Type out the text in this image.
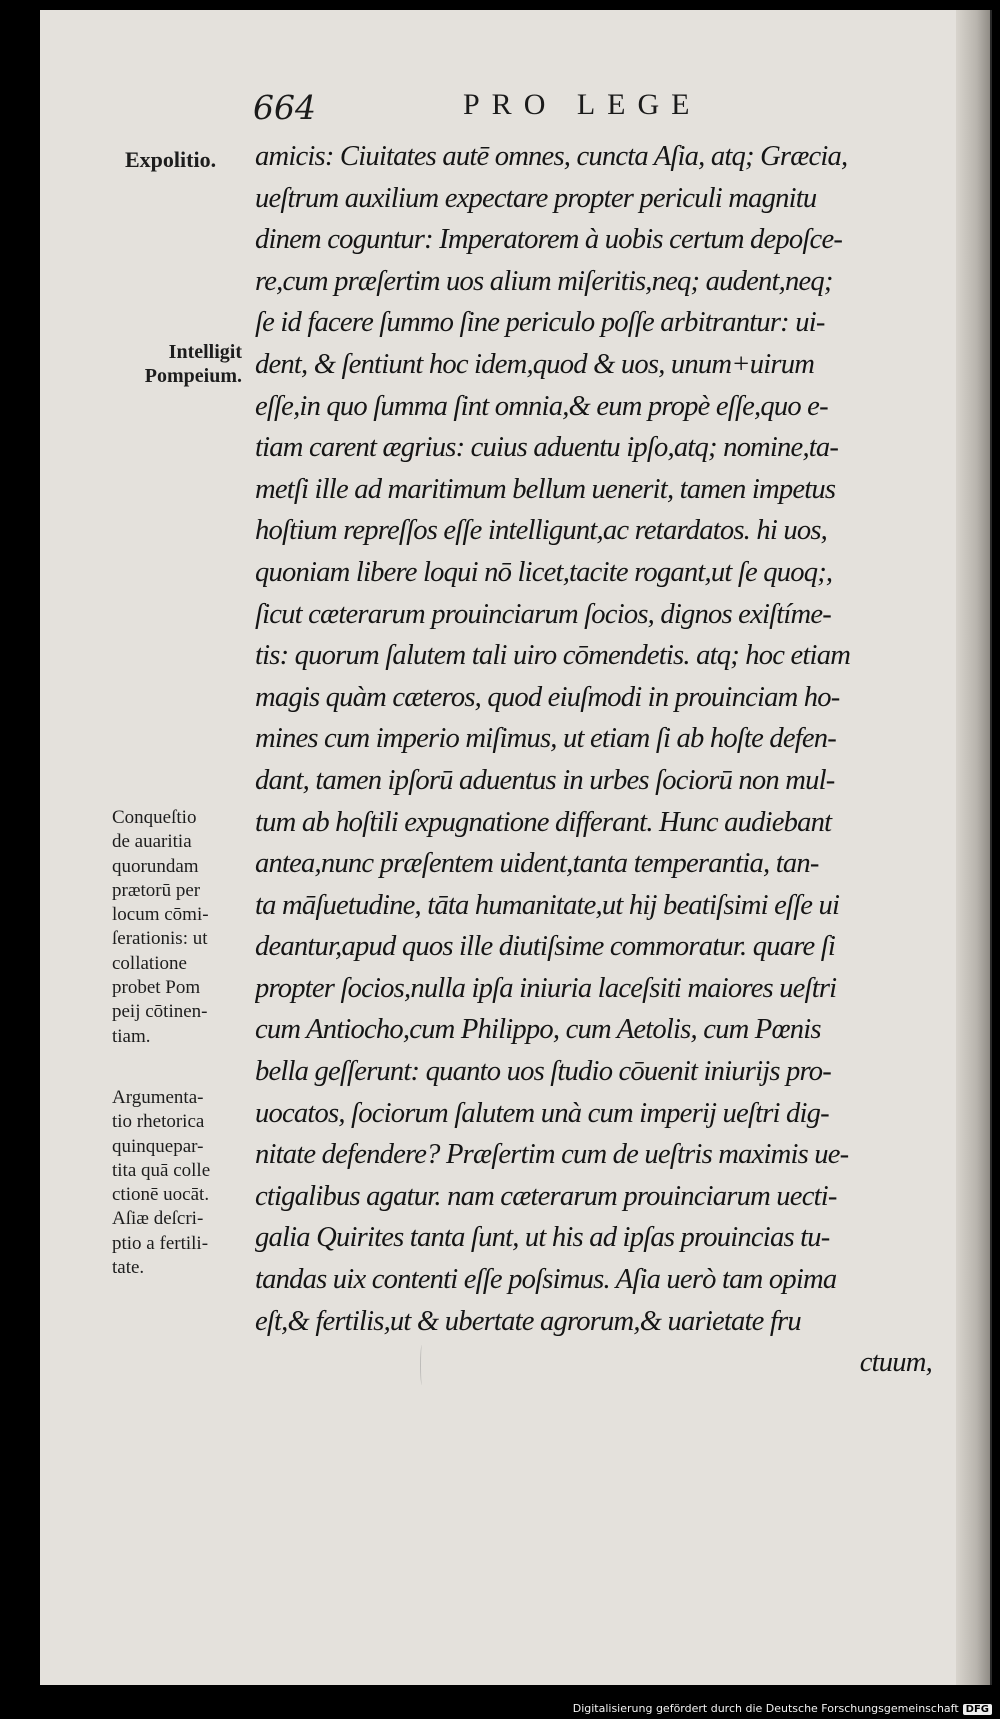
664	PRO LEGE
amicis: Ciuitates autē omnes, cuncta Aſia, atq; Græcia,
ueſtrum auxilium expectare propter periculi magnitu
dinem coguntur: Imperatorem à uobis certum depoſce-
re,cum præſertim uos alium miſeritis,neq; audent,neq;
ſe id facere ſummo ſine periculo poſſe arbitrantur: ui-
dent, & ſentiunt hoc idem,quod & uos, unum+uirum
eſſe,in quo ſumma ſint omnia,& eum propè eſſe,quo e-
tiam carent ægrius: cuius aduentu ipſo,atq; nomine,ta-
metſi ille ad maritimum bellum uenerit, tamen impetus
hoſtium repreſſos eſſe intelligunt,ac retardatos. hi uos,
quoniam libere loqui nō licet,tacite rogant,ut ſe quoq;,
ſicut cæterarum prouinciarum ſocios, dignos exiſtíme-
tis: quorum ſalutem tali uiro cōmendetis. atq; hoc etiam
magis quàm cæteros, quod eiuſmodi in prouinciam ho-
mines cum imperio miſimus, ut etiam ſi ab hoſte defen-
dant, tamen ipſorū aduentus in urbes ſociorū non mul-
tum ab hoſtili expugnatione differant. Hunc audiebant
antea,nunc præſentem uident,tanta temperantia, tan-
ta māſuetudine, tāta humanitate,ut hij beatiſsimi eſſe ui
deantur,apud quos ille diutiſsime commoratur. quare ſi
propter ſocios,nulla ipſa iniuria laceſsiti maiores ueſtri
cum Antiocho,cum Philippo, cum Aetolis, cum Pœnis
bella geſſerunt: quanto uos ſtudio cōuenit iniurijs pro-
uocatos, ſociorum ſalutem unà cum imperij ueſtri dig-
nitate defendere? Præſertim cum de ueſtris maximis ue-
ctigalibus agatur. nam cæterarum prouinciarum uecti-
galia Quirites tanta ſunt, ut his ad ipſas prouincias tu-
tandas uix contenti eſſe poſsimus. Aſia uerò tam opima
eſt,& fertilis,ut & ubertate agrorum,& uarietate fru
ctuum,
Expolitio.
Intelligit
Pompeium.
Conqueſtio
de auaritia
quorundam
prætorū per
locum cōmi-
ſerationis: ut
collatione
probet Pom
peij cōtinen-
tiam.
Argumenta-
tio rhetorica
quinquepar-
tita quā colle
ctionē uocāt.
Aſiæ deſcri-
ptio a fertili-
tate.
Digitalisierung gefördert durch die Deutsche Forschungsgemeinschaft DFG
